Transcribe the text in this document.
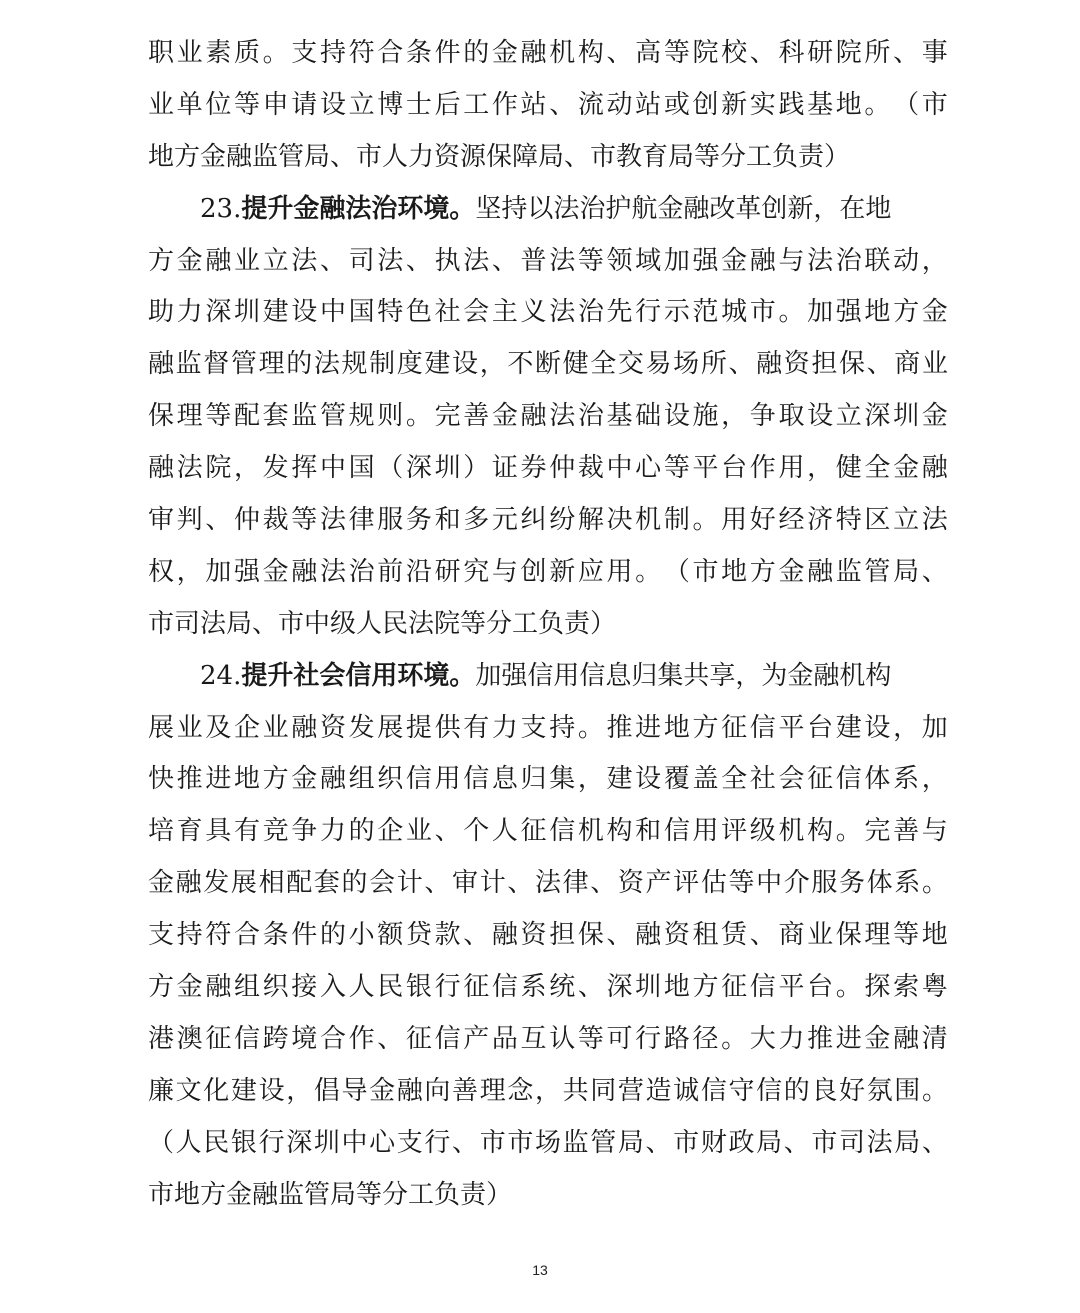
职 业 素 质 。 支 持 符 合 条 件 的 金 融 机 构 、 高 等 院 校 、 科 研 院 所 、 事
业 单 位 等 申 请 设 立 博 士 后 工 作 站 、 流 动 站 或 创 新 实 践 基 地 。 （ 市
地方金融监管局、市人力资源保障局、市教育局等分工负责）
23.提升金融法治环境。坚持以法治护航金融改革创新，在地
方 金 融 业 立 法 、 司 法 、 执 法 、 普 法 等 领 域 加 强 金 融 与 法 治 联 动 ，
助 力 深 圳 建 设 中 国 特 色 社 会 主 义 法 治 先 行 示 范 城 市 。 加 强 地 方 金
融 监 督 管 理 的 法 规 制 度 建 设 ， 不 断 健 全 交 易 场 所 、 融 资 担 保 、 商 业
保 理 等 配 套 监 管 规 则 。 完 善 金 融 法 治 基 础 设 施 ， 争 取 设 立 深 圳 金
融 法 院 ， 发 挥 中 国 （ 深 圳 ） 证 券 仲 裁 中 心 等 平 台 作 用 ， 健 全 金 融
审 判 、 仲 裁 等 法 律 服 务 和 多 元 纠 纷 解 决 机 制 。 用 好 经 济 特 区 立 法
权 ， 加 强 金 融 法 治 前 沿 研 究 与 创 新 应 用 。 （ 市 地 方 金 融 监 管 局 、
市司法局、市中级人民法院等分工负责）
24.提升社会信用环境。加强信用信息归集共享，为金融机构
展 业 及 企 业 融 资 发 展 提 供 有 力 支 持 。 推 进 地 方 征 信 平 台 建 设 ， 加
快 推 进 地 方 金 融 组 织 信 用 信 息 归 集 ， 建 设 覆 盖 全 社 会 征 信 体 系 ，
培 育 具 有 竞 争 力 的 企 业 、 个 人 征 信 机 构 和 信 用 评 级 机 构 。 完 善 与
金 融 发 展 相 配 套 的 会 计 、 审 计 、 法 律 、 资 产 评 估 等 中 介 服 务 体 系 。
支 持 符 合 条 件 的 小 额 贷 款 、 融 资 担 保 、 融 资 租 赁 、 商 业 保 理 等 地
方 金 融 组 织 接 入 人 民 银 行 征 信 系 统 、 深 圳 地 方 征 信 平 台 。 探 索 粤
港 澳 征 信 跨 境 合 作 、 征 信 产 品 互 认 等 可 行 路 径 。 大 力 推 进 金 融 清
廉 文 化 建 设 ， 倡 导 金 融 向 善 理 念 ， 共 同 营 造 诚 信 守 信 的 良 好 氛 围 。
（ 人 民 银 行 深 圳 中 心 支 行 、 市 市 场 监 管 局 、 市 财 政 局 、 市 司 法 局 、
市地方金融监管局等分工负责）
13
